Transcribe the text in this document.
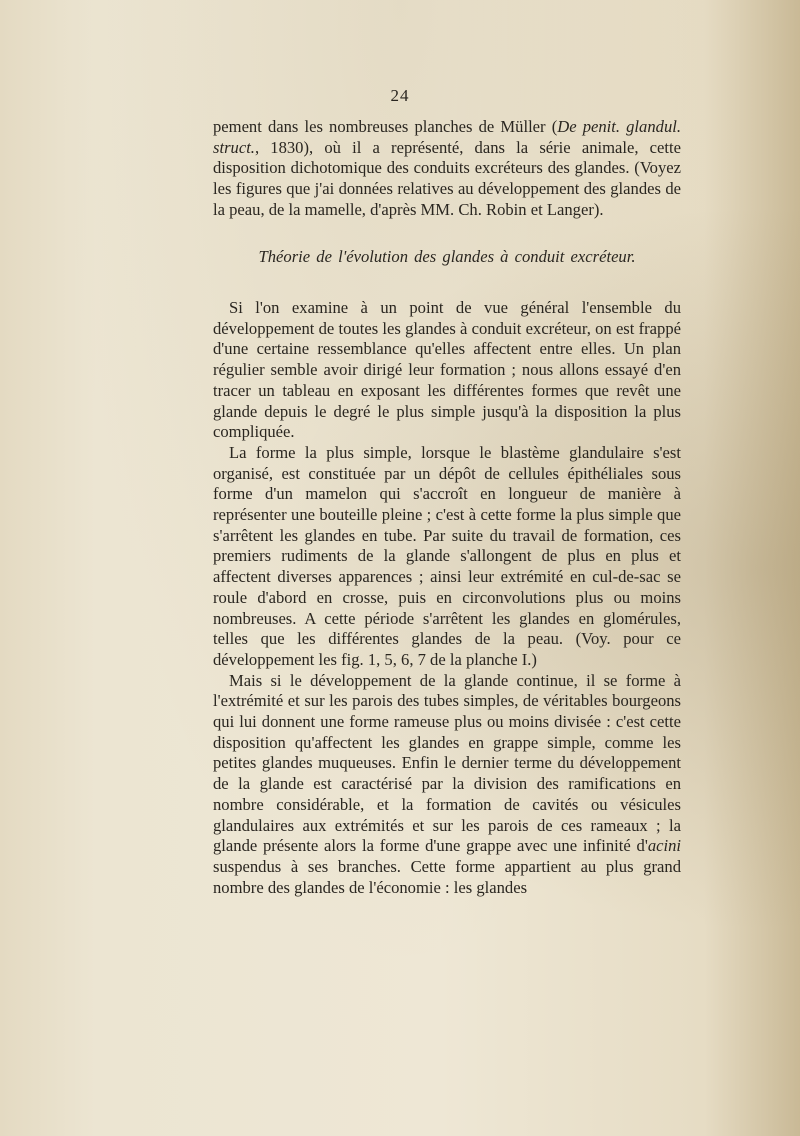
24

pement dans les nombreuses planches de Müller (De penit. glandul. struct., 1830), où il a représenté, dans la série animale, cette disposition dichotomique des conduits excréteurs des glandes. (Voyez les figures que j'ai données relatives au développement des glandes de la peau, de la mamelle, d'après MM. Ch. Robin et Langer).

Théorie de l'évolution des glandes à conduit excréteur.

Si l'on examine à un point de vue général l'ensemble du développement de toutes les glandes à conduit excréteur, on est frappé d'une certaine ressemblance qu'elles affectent entre elles. Un plan régulier semble avoir dirigé leur formation ; nous allons essayé d'en tracer un tableau en exposant les différentes formes que revêt une glande depuis le degré le plus simple jusqu'à la disposition la plus compliquée.

La forme la plus simple, lorsque le blastème glandulaire s'est organisé, est constituée par un dépôt de cellules épithéliales sous forme d'un mamelon qui s'accroît en longueur de manière à représenter une bouteille pleine ; c'est à cette forme la plus simple que s'arrêtent les glandes en tube. Par suite du travail de formation, ces premiers rudiments de la glande s'allongent de plus en plus et affectent diverses apparences ; ainsi leur extrémité en cul-de-sac se roule d'abord en crosse, puis en circonvolutions plus ou moins nombreuses. A cette période s'arrêtent les glandes en glomérules, telles que les différentes glandes de la peau. (Voy. pour ce développement les fig. 1, 5, 6, 7 de la planche I.)

Mais si le développement de la glande continue, il se forme à l'extrémité et sur les parois des tubes simples, de véritables bourgeons qui lui donnent une forme rameuse plus ou moins divisée : c'est cette disposition qu'affectent les glandes en grappe simple, comme les petites glandes muqueuses. Enfin le dernier terme du développement de la glande est caractérisé par la division des ramifications en nombre considérable, et la formation de cavités ou vésicules glandulaires aux extrémités et sur les parois de ces rameaux ; la glande présente alors la forme d'une grappe avec une infinité d'acini suspendus à ses branches. Cette forme appartient au plus grand nombre des glandes de l'économie : les glandes
